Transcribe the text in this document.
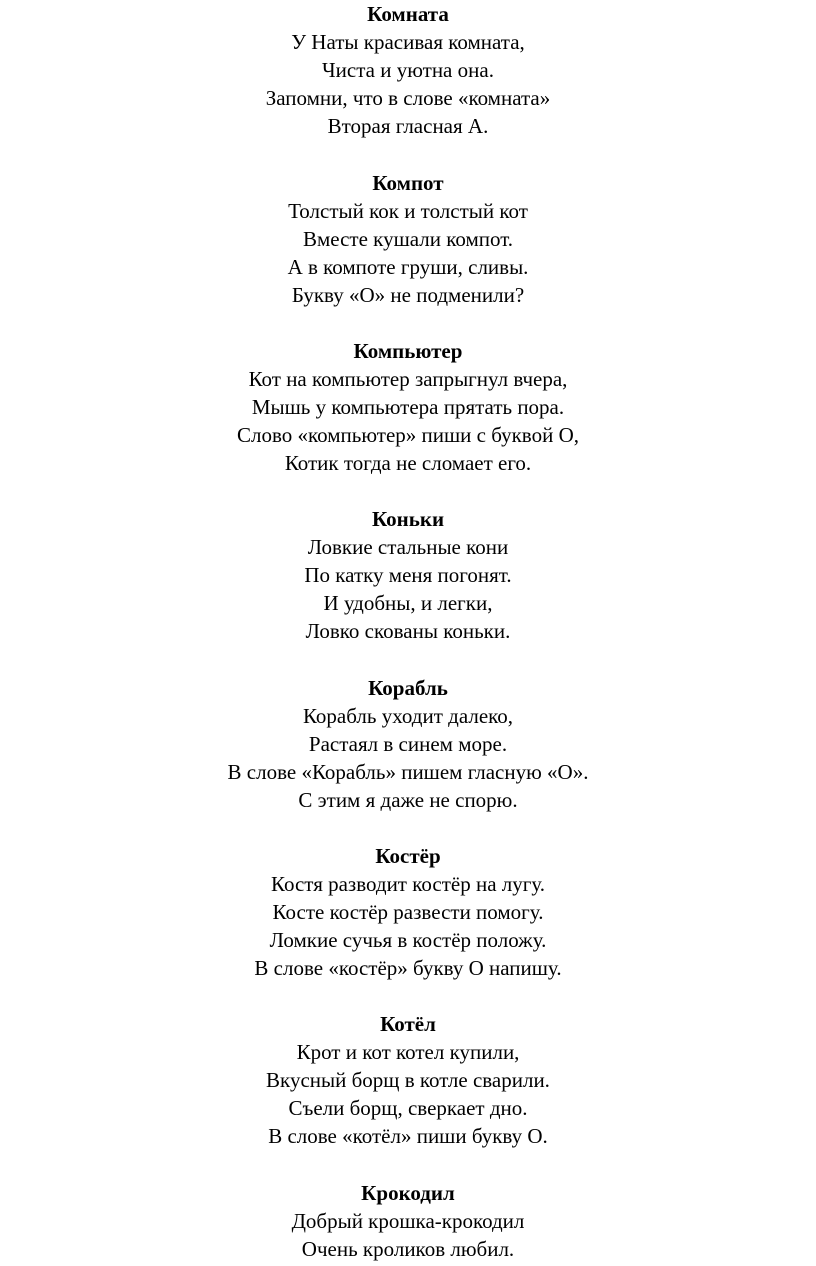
Комната
У Наты красивая комната,
Чиста и уютна она.
Запомни, что в слове «комната»
Вторая гласная А.
Компот
Толстый кок и толстый кот
Вместе кушали компот.
А в компоте груши, сливы.
Букву «О» не подменили?
Компьютер
Кот на компьютер запрыгнул вчера,
Мышь у компьютера прятать пора.
Слово «компьютер» пиши с буквой О,
Котик тогда не сломает его.
Коньки
Ловкие стальные кони
По катку меня погонят.
И удобны, и легки,
Ловко скованы коньки.
Корабль
Корабль уходит далеко,
Растаял в синем море.
В слове «Корабль» пишем гласную «О».
С этим я даже не спорю.
Костёр
Костя разводит костёр на лугу.
Косте костёр развести помогу.
Ломкие сучья в костёр положу.
В слове «костёр» букву О напишу.
Котёл
Крот и кот котел купили,
Вкусный борщ в котле сварили.
Съели борщ, сверкает дно.
В слове «котёл» пиши букву О.
Крокодил
Добрый крошка-крокодил
Очень кроликов любил.
